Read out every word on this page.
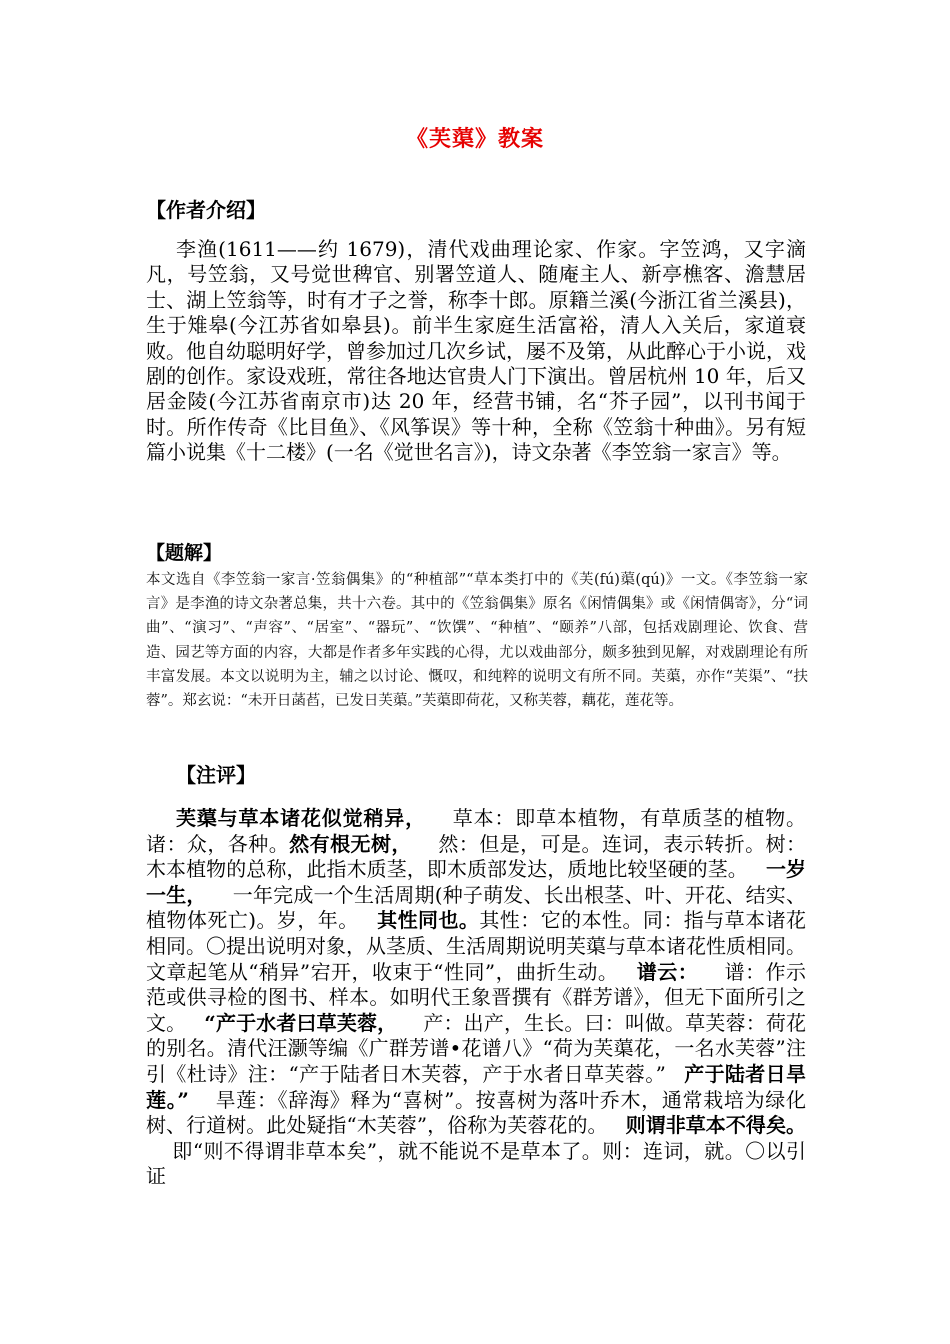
《芙蕖》教案
【作者介绍】
李渔(1611——约 1679)，清代戏曲理论家、作家。字笠鸿，又字滴凡，号笠翁，又号觉世稗官、别署笠道人、随庵主人、新亭樵客、澹慧居士、湖上笠翁等，时有才子之誉，称李十郎。原籍兰溪(今浙江省兰溪县)，生于雉皋(今江苏省如皋县)。前半生家庭生活富裕，清人入关后，家道衰败。他自幼聪明好学，曾参加过几次乡试，屡不及第，从此醉心于小说，戏剧的创作。家设戏班，常往各地达官贵人门下演出。曾居杭州 10 年，后又居金陵(今江苏省南京市)达 20 年，经营书铺，名“芥子园”，以刊书闻于时。所作传奇《比目鱼》、《风筝误》等十种，全称《笠翁十种曲》。另有短篇小说集《十二楼》(一名《觉世名言》)，诗文杂著《李笠翁一家言》等。
【题解】
本文选自《李笠翁一家言·笠翁偶集》的“种植部”“草本类打中的《芙(fú)蕖(qú)》一文。《李笠翁一家言》是李渔的诗文杂著总集，共十六卷。其中的《笠翁偶集》原名《闲情偶集》或《闲情偶寄》，分“词曲”、“演习”、“声容”、“居室”、“器玩”、“饮馔”、“种植”、“颐养”八部，包括戏剧理论、饮食、营造、园艺等方面的内容，大都是作者多年实践的心得，尤以戏曲部分，颇多独到见解，对戏剧理论有所丰富发展。本文以说明为主，辅之以讨论、慨叹，和纯粹的说明文有所不同。芙蕖，亦作“芙渠”、“扶蓉”。郑玄说：“未开日菡萏，已发日芙蕖。”芙蕖即荷花，又称芙蓉，藕花，莲花等。
【注评】
芙蕖与草本诸花似觉稍异， 草本：即草本植物，有草质茎的植物。诸：众，各种。然有根无树， 然：但是，可是。连词，表示转折。树：木本植物的总称，此指木质茎，即木质部发达，质地比较坚硬的茎。 一岁一生， 一年完成一个生活周期(种子萌发、长出根茎、叶、开花、结实、植物体死亡)。岁，年。 其性同也。其性：它的本性。同：指与草本诸花相同。〇提出说明对象，从茎质、生活周期说明芙蕖与草本诸花性质相同。文章起笔从“稍异”宕开，收束于“性同”，曲折生动。 谱云： 谱：作示范或供寻检的图书、样本。如明代王象晋撰有《群芳谱》，但无下面所引之文。 “产于水者曰草芙蓉， 产：出产，生长。曰：叫做。草芙蓉：荷花的别名。清代汪灏等编《广群芳谱•花谱八》“荷为芙蕖花，一名水芙蓉”注引《杜诗》注：“产于陆者日木芙蓉，产于水者日草芙蓉。” 产于陆者日旱莲。” 旱莲：《辞海》释为“喜树”。按喜树为落叶乔木，通常栽培为绿化树、行道树。此处疑指“木芙蓉”，俗称为芙蓉花的。 则谓非草本不得矣。即“则不得谓非草本矣”，就不能说不是草本了。则：连词，就。〇以引证
